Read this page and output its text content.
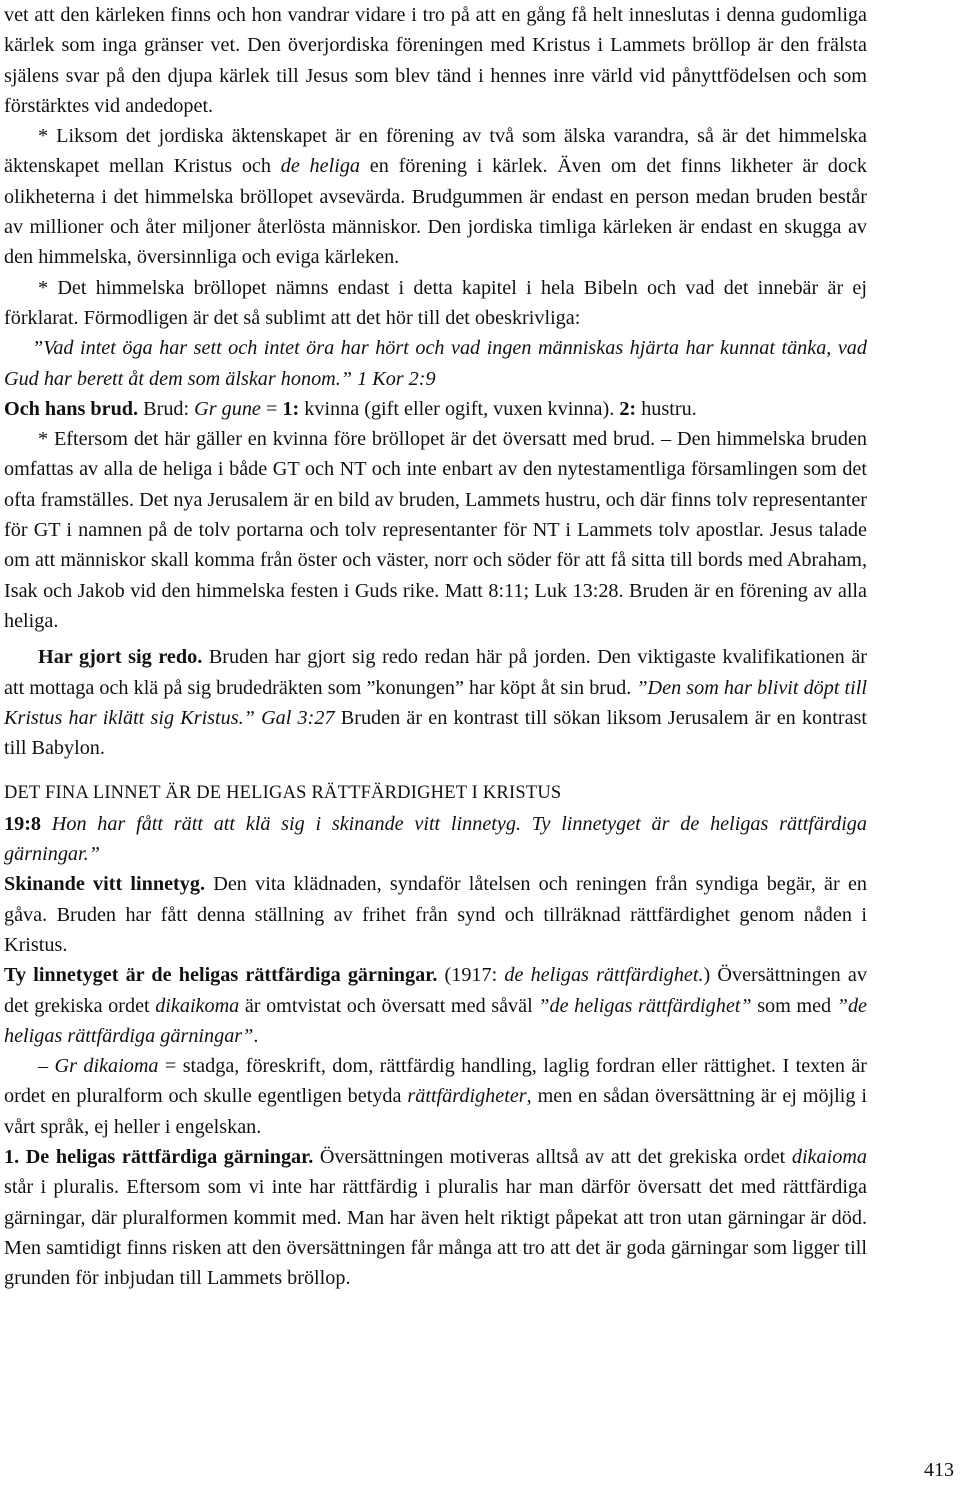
vet att den kärleken finns och hon vandrar vidare i tro på att en gång få helt inneslutas i denna gudomliga kärlek som inga gränser vet. Den överjordiska föreningen med Kristus i Lammets bröllop är den frälsta själens svar på den djupa kärlek till Jesus som blev tänd i hennes inre värld vid pånyttfödelsen och som förstärktes vid andedopet.

* Liksom det jordiska äktenskapet är en förening av två som älska varandra, så är det himmelska äktenskapet mellan Kristus och de heliga en förening i kärlek. Även om det finns likheter är dock olikheterna i det himmelska bröllopet avsevärda. Brudgummen är endast en person medan bruden består av millioner och åter miljoner återlösta människor. Den jordiska timliga kärleken är endast en skugga av den himmelska, översinnliga och eviga kärleken.

* Det himmelska bröllopet nämns endast i detta kapitel i hela Bibeln och vad det innebär är ej förklarat. Förmodligen är det så sublimt att det hör till det obeskrivliga:

”Vad intet öga har sett och intet öra har hört och vad ingen människas hjärta har kunnat tänka, vad Gud har berett åt dem som älskar honom.” 1 Kor 2:9

Och hans brud. Brud: Gr gune = 1: kvinna (gift eller ogift, vuxen kvinna). 2: hustru.

* Eftersom det här gäller en kvinna före bröllopet är det översatt med brud. – Den himmelska bruden omfattas av alla de heliga i både GT och NT och inte enbart av den nytestamentliga församlingen som det ofta framställes. Det nya Jerusalem är en bild av bruden, Lammets hustru, och där finns tolv representanter för GT i namnen på de tolv portarna och tolv representanter för NT i Lammets tolv apostlar. Jesus talade om att människor skall komma från öster och väster, norr och söder för att få sitta till bords med Abraham, Isak och Jakob vid den himmelska festen i Guds rike. Matt 8:11; Luk 13:28. Bruden är en förening av alla heliga.

Har gjort sig redo. Bruden har gjort sig redo redan här på jorden. Den viktigaste kvalifikationen är att mottaga och klä på sig brudedräkten som ”konungen” har köpt åt sin brud. ”Den som har blivit döpt till Kristus har iklätt sig Kristus.” Gal 3:27 Bruden är en kontrast till sökan liksom Jerusalem är en kontrast till Babylon.

DET FINA LINNET ÄR DE HELIGAS RÄTTFÄRDIGHET I KRISTUS

19:8 Hon har fått rätt att klä sig i skinande vitt linnetyg. Ty linnetyget är de heligas rättfärdiga gärningar.”

Skinande vitt linnetyg. Den vita klädnaden, syndaför låtelsen och reningen från syndiga begär, är en gåva. Bruden har fått denna ställning av frihet från synd och tillräknad rättfärdighet genom nåden i Kristus.

Ty linnetyget är de heligas rättfärdiga gärningar. (1917: de heligas rättfärdighet.) Översättningen av det grekiska ordet dikaikoma är omtvistat och översatt med såväl ”de heligas rättfärdighet” som med ”de heligas rättfärdiga gärningar”.

– Gr dikaioma = stadga, föreskrift, dom, rättfärdig handling, laglig fordran eller rättighet. I texten är ordet en pluralform och skulle egentligen betyda rättfärdigheter, men en sådan översättning är ej möjlig i vårt språk, ej heller i engelskan.

1. De heligas rättfärdiga gärningar. Översättningen motiveras alltså av att det grekiska ordet dikaioma står i pluralis. Eftersom som vi inte har rättfärdig i pluralis har man därför översatt det med rättfärdiga gärningar, där pluralformen kommit med. Man har även helt riktigt påpekat att tron utan gärningar är död. Men samtidigt finns risken att den översättningen får många att tro att det är goda gärningar som ligger till grunden för inbjudan till Lammets bröllop.

413
